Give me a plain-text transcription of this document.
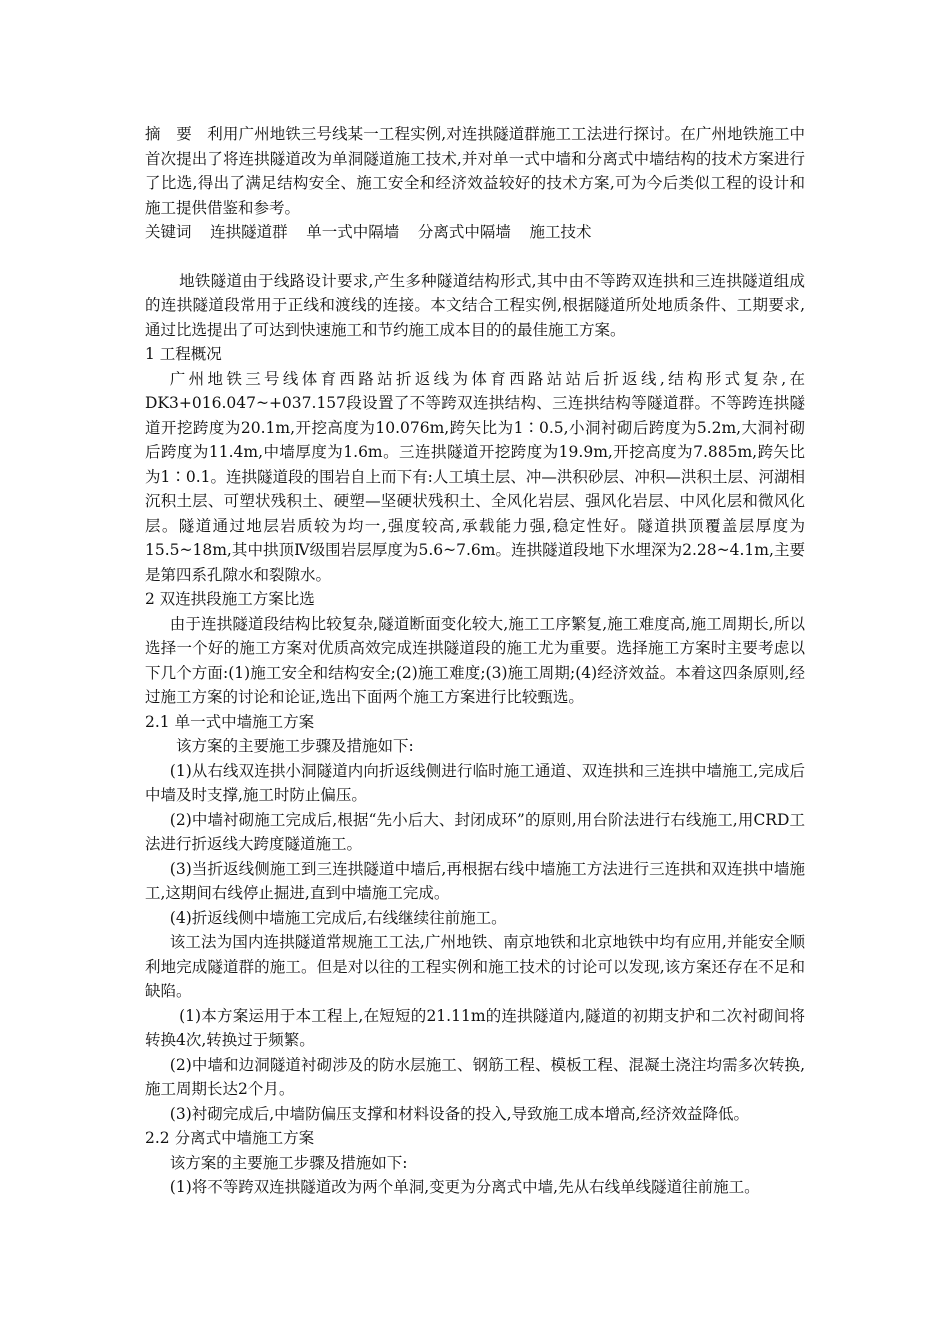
摘　要 利用广州地铁三号线某一工程实例,对连拱隧道群施工工法进行探讨。在广州地铁施工中首次提出了将连拱隧道改为单洞隧道施工技术,并对单一式中墙和分离式中墙结构的技术方案进行了比选,得出了满足结构安全、施工安全和经济效益较好的技术方案,可为今后类似工程的设计和施工提供借鉴和参考。

关键词 连拱隧道群 单一式中隔墙 分离式中隔墙 施工技术

地铁隧道由于线路设计要求,产生多种隧道结构形式,其中由不等跨双连拱和三连拱隧道组成的连拱隧道段常用于正线和渡线的连接。本文结合工程实例,根据隧道所处地质条件、工期要求,通过比选提出了可达到快速施工和节约施工成本目的的最佳施工方案。

1 工程概况

广州地铁三号线体育西路站折返线为体育西路站站后折返线,结构形式复杂,在DK3+016.047~+037.157段设置了不等跨双连拱结构、三连拱结构等隧道群。不等跨连拱隧道开挖跨度为20.1m,开挖高度为10.076m,跨矢比为1∶0.5,小洞衬砌后跨度为5.2m,大洞衬砌后跨度为11.4m,中墙厚度为1.6m。三连拱隧道开挖跨度为19.9m,开挖高度为7.885m,跨矢比为1∶0.1。连拱隧道段的围岩自上而下有:人工填土层、冲—洪积砂层、冲积—洪积土层、河湖相沉积土层、可塑状残积土、硬塑—坚硬状残积土、全风化岩层、强风化岩层、中风化层和微风化层。隧道通过地层岩质较为均一,强度较高,承载能力强,稳定性好。隧道拱顶覆盖层厚度为15.5~18m,其中拱顶Ⅳ级围岩层厚度为5.6~7.6m。连拱隧道段地下水埋深为2.28~4.1m,主要是第四系孔隙水和裂隙水。

2 双连拱段施工方案比选

由于连拱隧道段结构比较复杂,隧道断面变化较大,施工工序繁复,施工难度高,施工周期长,所以选择一个好的施工方案对优质高效完成连拱隧道段的施工尤为重要。选择施工方案时主要考虑以下几个方面:(1)施工安全和结构安全;(2)施工难度;(3)施工周期;(4)经济效益。本着这四条原则,经过施工方案的讨论和论证,选出下面两个施工方案进行比较甄选。

2.1 单一式中墙施工方案

该方案的主要施工步骤及措施如下:

(1)从右线双连拱小洞隧道内向折返线侧进行临时施工通道、双连拱和三连拱中墙施工,完成后中墙及时支撑,施工时防止偏压。

(2)中墙衬砌施工完成后,根据“先小后大、封闭成环”的原则,用台阶法进行右线施工,用CRD工法进行折返线大跨度隧道施工。

(3)当折返线侧施工到三连拱隧道中墙后,再根据右线中墙施工方法进行三连拱和双连拱中墙施工,这期间右线停止掘进,直到中墙施工完成。

(4)折返线侧中墙施工完成后,右线继续往前施工。

该工法为国内连拱隧道常规施工工法,广州地铁、南京地铁和北京地铁中均有应用,并能安全顺利地完成隧道群的施工。但是对以往的工程实例和施工技术的讨论可以发现,该方案还存在不足和缺陷。

(1)本方案运用于本工程上,在短短的21.11m的连拱隧道内,隧道的初期支护和二次衬砌间将转换4次,转换过于频繁。

(2)中墙和边洞隧道衬砌涉及的防水层施工、钢筋工程、模板工程、混凝土浇注均需多次转换,施工周期长达2个月。

(3)衬砌完成后,中墙防偏压支撑和材料设备的投入,导致施工成本增高,经济效益降低。

2.2 分离式中墙施工方案

该方案的主要施工步骤及措施如下:

(1)将不等跨双连拱隧道改为两个单洞,变更为分离式中墙,先从右线单线隧道往前施工。
